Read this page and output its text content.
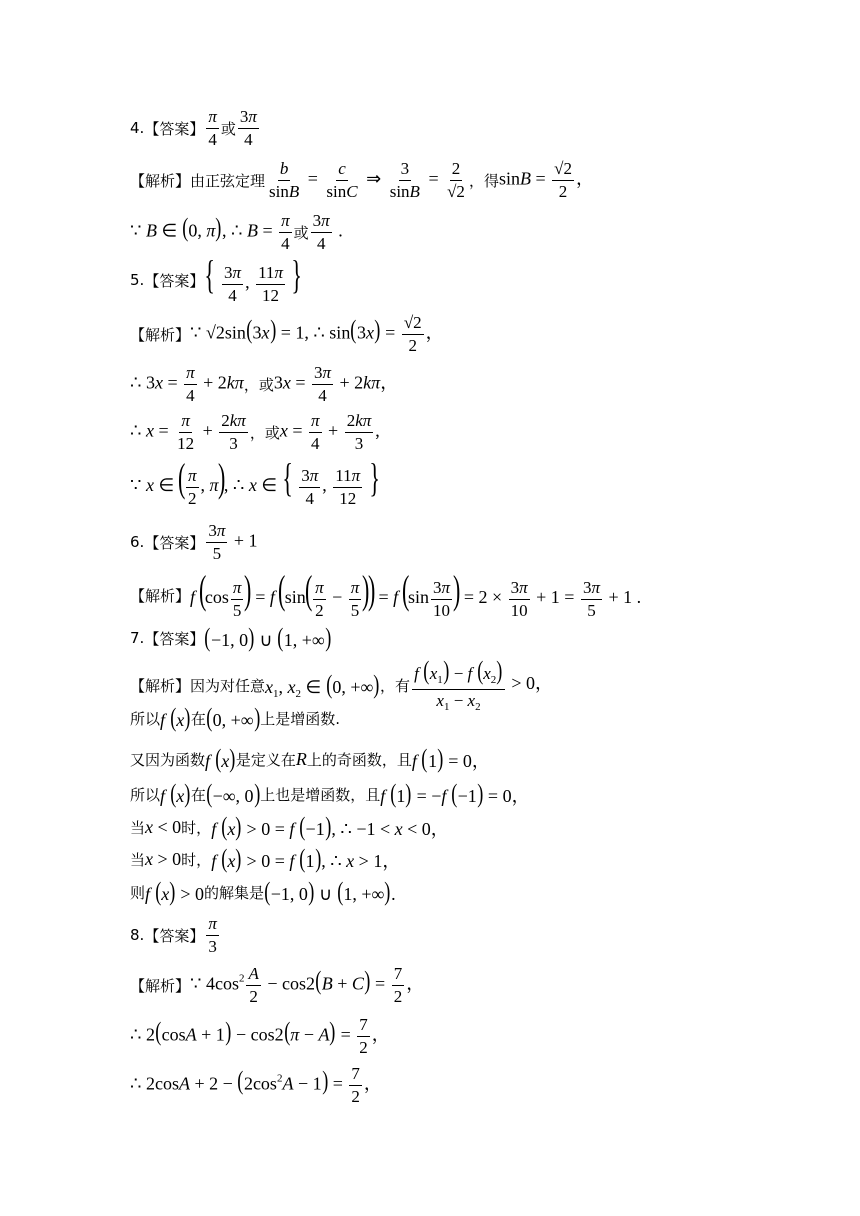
4. 【答案】 $\frac{\pi}{4}$ 或 $\frac{3\pi}{4}$
【解析】 由正弦定理 $\frac{b}{\sin B} = \frac{c}{\sin C}$ ⇒ $\frac{3}{\sin B} = \frac{2}{√2}$ ，得 $\sin B = \frac{√2}{2}$ ，
∵ B ∈ (0, π), ∴ $B = \frac{\pi}{4}$ 或 $\frac{3\pi}{4}$ .
5. 【答案】 { $\frac{3\pi}{4}$ , $\frac{11\pi}{12}$ }
【解析】 ∵ √2sin(3x) = 1, ∴ $\sin(3x) = \frac{√2}{2}$ ，
∴ $3x = \frac{\pi}{4} + 2k\pi$ ，或 $3x = \frac{3\pi}{4} + 2k\pi$，
∴ $x = \frac{\pi}{12} + \frac{2k\pi}{3}$ ，或 $x = \frac{\pi}{4} + \frac{2k\pi}{3}$ ,
∵ x ∈ ( $\frac{\pi}{2}$ , π), ∴ x ∈ { $\frac{3\pi}{4}$ , $\frac{11\pi}{12}$ }
6. 【答案】 $\frac{3\pi}{5} + 1$
【解析】 f ($\cos \frac{\pi}{5}$ ) = f ($\sin( \frac{\pi}{2} - \frac{\pi}{5}$ )) = f ($\sin \frac{3\pi}{10}$ ) = $2 \times \frac{3\pi}{10} + 1 = \frac{3\pi}{5} + 1$ .
7. 【答案】 (−1, 0) ∪ (1, +∞)
【解析】 因为对任意 $x_1$, $x_2$ ∈ (0, +∞) ，有 $\frac{f (x_1) - f (x_2)}{x_1 - x_2} > 0$，
所以 f (x) 在 (0, +∞) 上是增函数.
又因为函数 f (x) 是定义在 R 上的奇函数，且 f (1) = 0，
所以 f (x) 在 (−∞, 0) 上也是增函数，且 f (1) = −f (−1) = 0，
当 x < 0 时， f (x) > 0 = f (−1), ∴ −1 < x < 0，
当 x > 0 时， f (x) > 0 = f (1), ∴ x > 1，
则 f (x) > 0 的解集是 (−1, 0) ∪ (1, +∞).
8. 【答案】 $\frac{\pi}{3}$
【解析】 ∵ $4\cos^2 \frac{A}{2} - \cos 2(B + C) = \frac{7}{2}$ ，
∴ $2(\cos A + 1) - \cos 2(\pi - A) = \frac{7}{2}$ ，
∴ $2\cos A + 2 - (2\cos^2A - 1) = \frac{7}{2}$ ，
